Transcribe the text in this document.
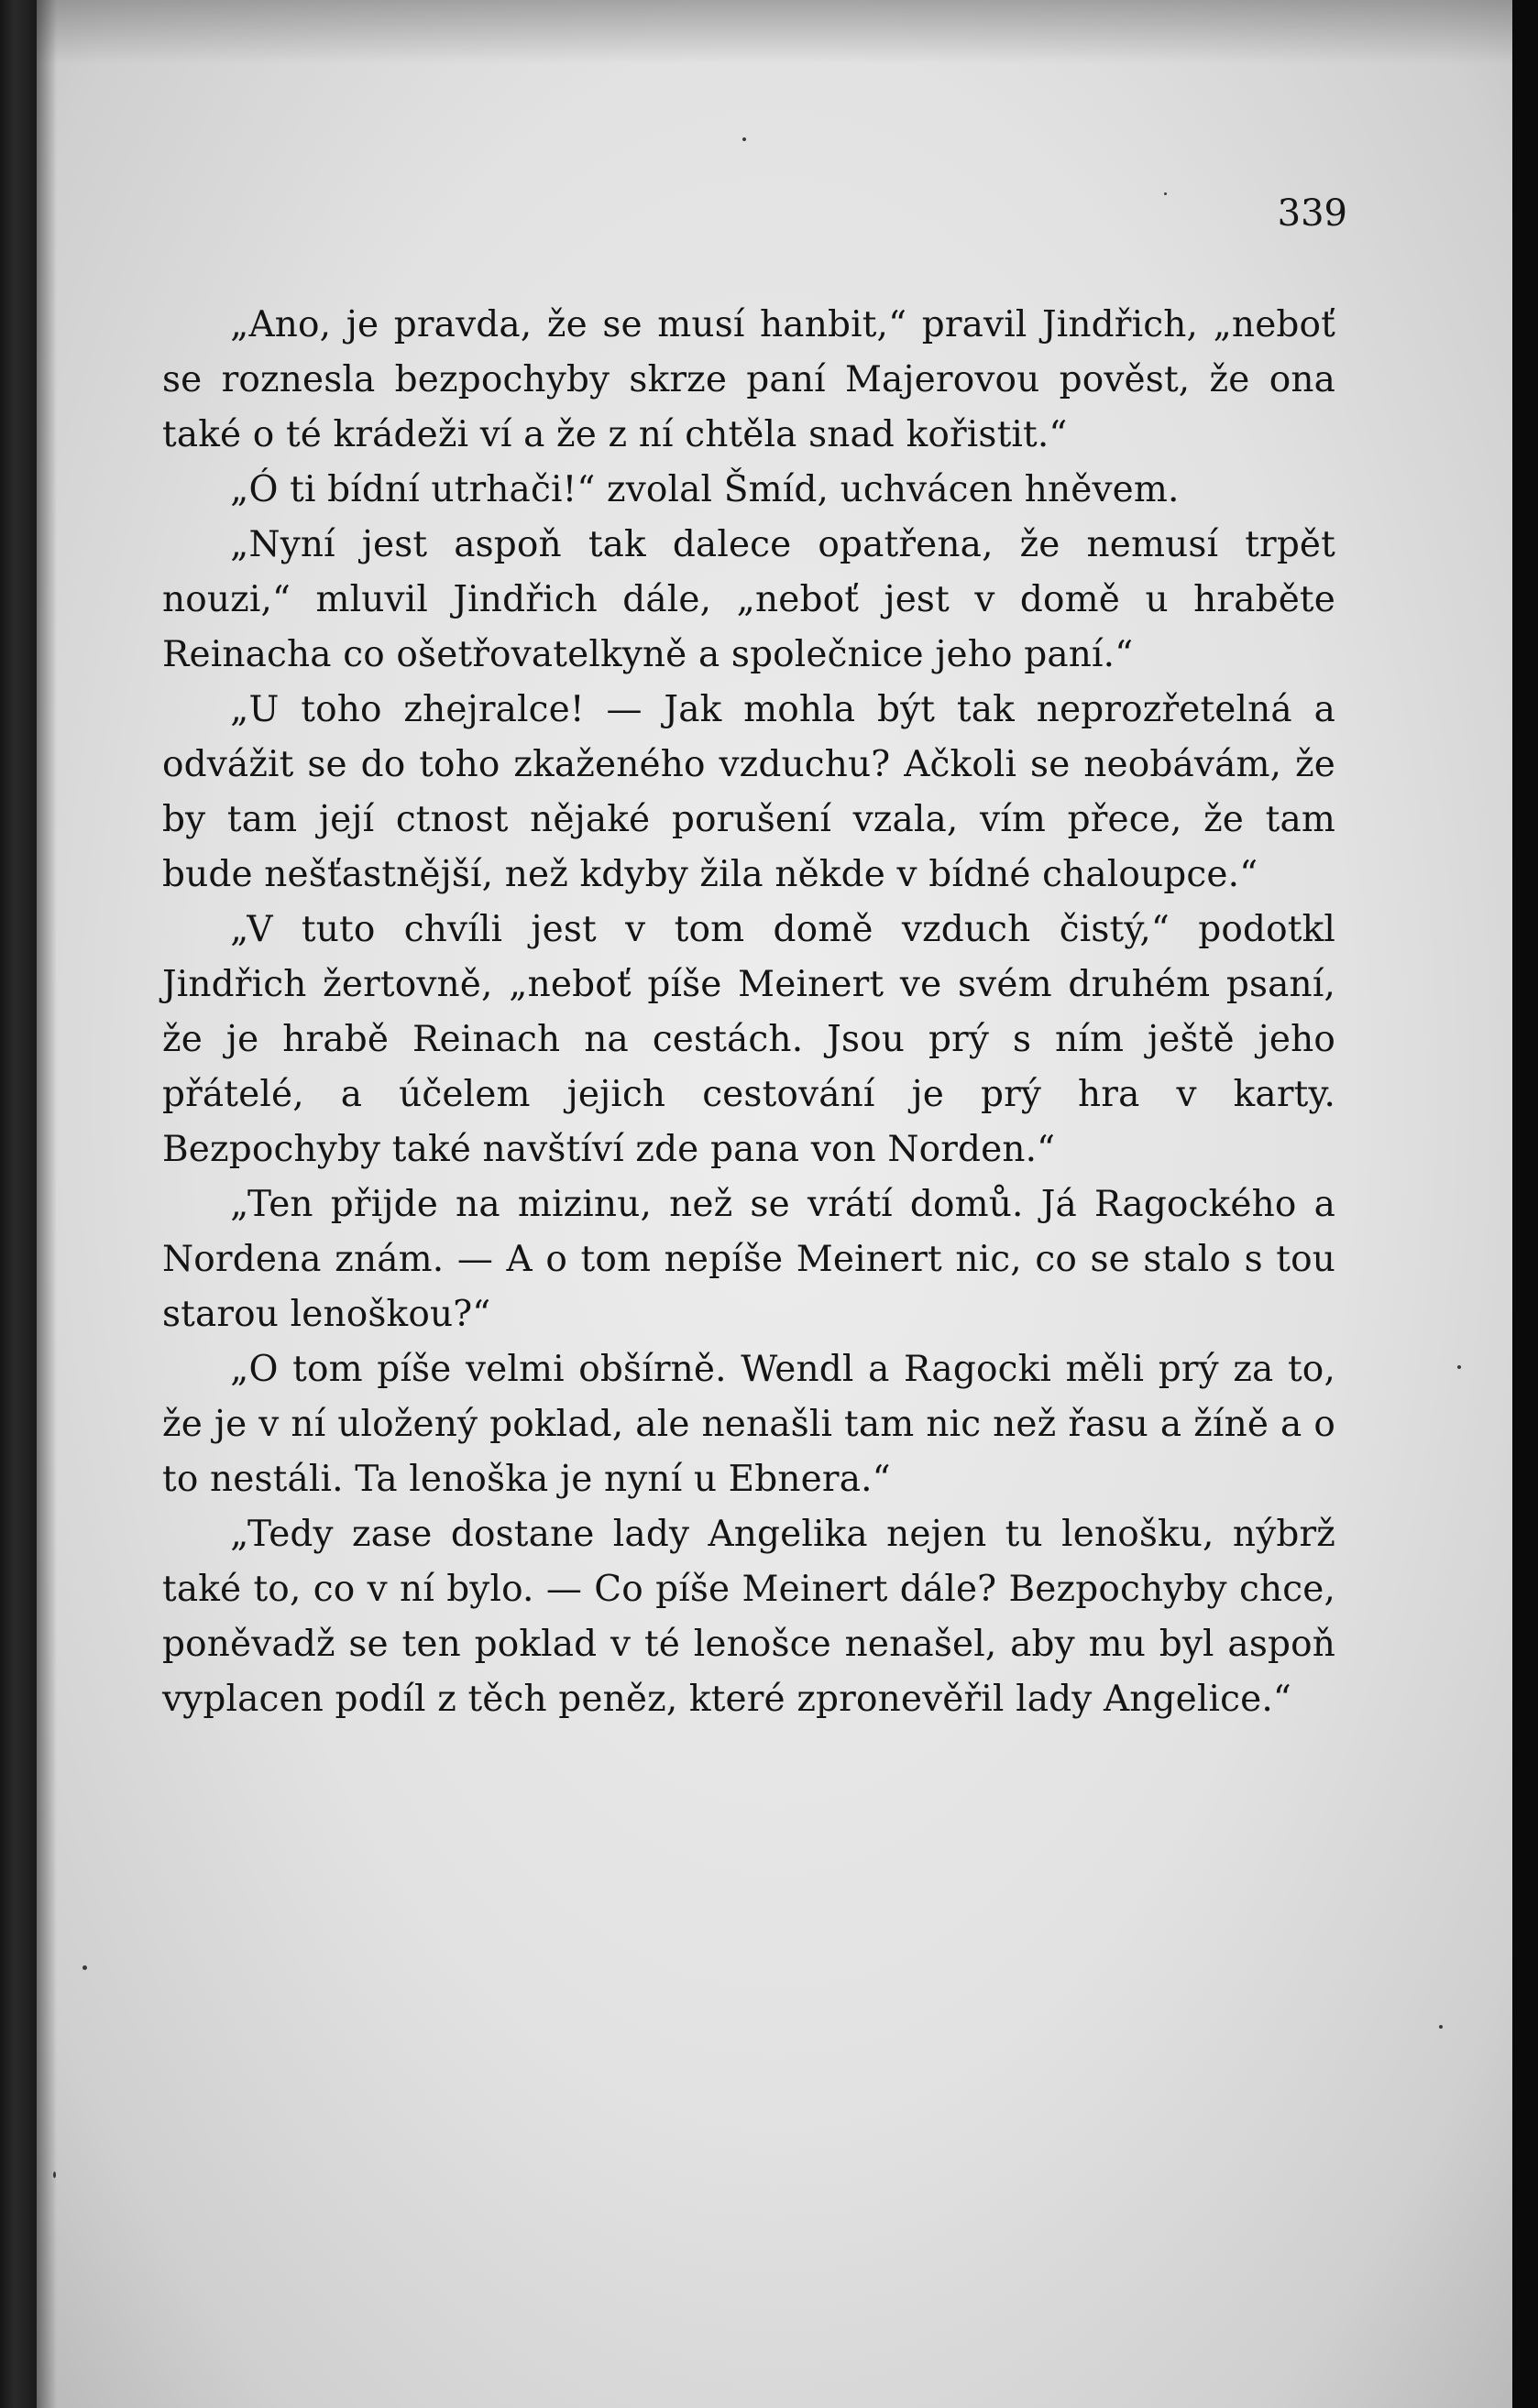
339

„Ano, je pravda, že se musí hanbit,“ pravil Jindřich, „neboť se roznesla bezpochyby skrze paní Majerovou pověst, že ona také o té krádeži ví a že z ní chtěla snad kořistit.“

„Ó ti bídní utrhači!“ zvolal Šmíd, uchvácen hněvem.

„Nyní jest aspoň tak dalece opatřena, že nemusí trpět nouzi,“ mluvil Jindřich dále, „neboť jest v domě u hraběte Reinacha co ošetřovatelkyně a společnice jeho paní.“

„U toho zhejralce! — Jak mohla být tak neprozřetelná a odvážit se do toho zkaženého vzduchu? Ačkoli se neobávám, že by tam její ctnost nějaké porušení vzala, vím přece, že tam bude nešťastnější, než kdyby žila někde v bídné chaloupce.“

„V tuto chvíli jest v tom domě vzduch čistý,“ podotkl Jindřich žertovně, „neboť píše Meinert ve svém druhém psaní, že je hrabě Reinach na cestách. Jsou prý s ním ještě jeho přátelé, a účelem jejich cestování je prý hra v karty. Bezpochyby také navštíví zde pana von Norden.“

„Ten přijde na mizinu, než se vrátí domů. Já Ragockého a Nordena znám. — A o tom nepíše Meinert nic, co se stalo s tou starou lenoškou?“

„O tom píše velmi obšírně. Wendl a Ragocki měli prý za to, že je v ní uložený poklad, ale nenašli tam nic než řasu a žíně a o to nestáli. Ta lenoška je nyní u Ebnera.“

„Tedy zase dostane lady Angelika nejen tu lenošku, nýbrž také to, co v ní bylo. — Co píše Meinert dále? Bezpochyby chce, poněvadž se ten poklad v té lenošce nenašel, aby mu byl aspoň vyplacen podíl z těch peněz, které zpronevěřil lady Angelice.“
